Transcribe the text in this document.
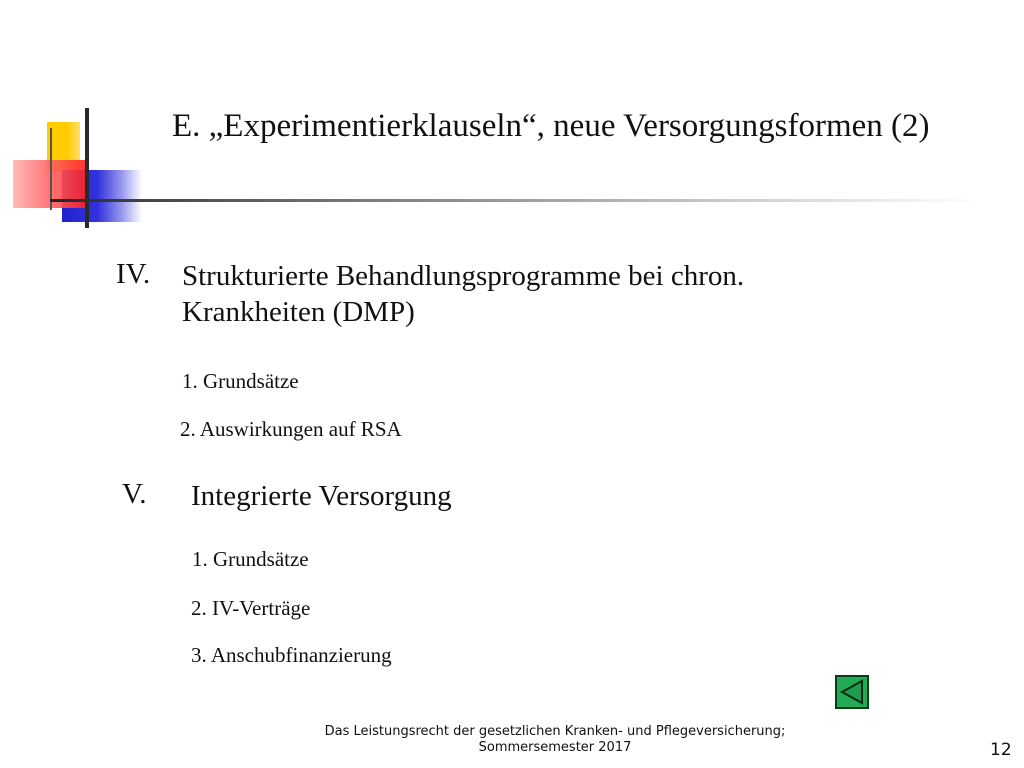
E. „Experimentierklauseln“, neue Versorgungsformen (2)
IV. Strukturierte Behandlungsprogramme bei chron.
Krankheiten (DMP)
1. Grundsätze
2. Auswirkungen auf RSA
V. Integrierte Versorgung
1. Grundsätze
2. IV-Verträge
3. Anschubfinanzierung
Das Leistungsrecht der gesetzlichen Kranken- und Pflegeversicherung;
Sommersemester 2017	12
